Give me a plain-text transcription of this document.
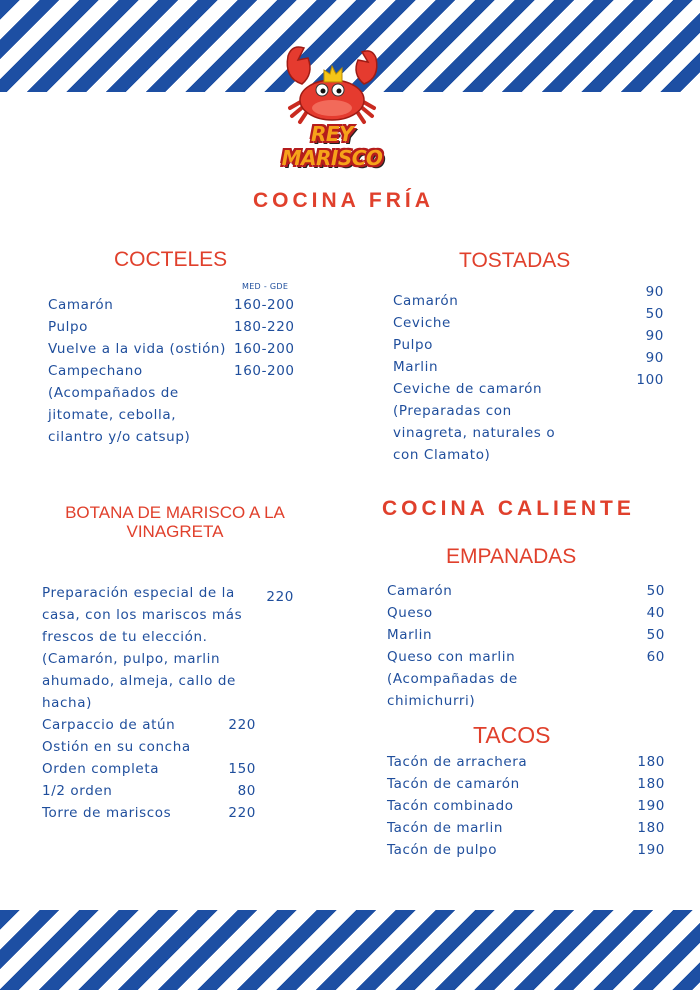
REY MARISCO
COCINA FRÍA
COCTELES
MED - GDE
Camarón
Pulpo
Vuelve a la vida (ostión)
Campechano
(Acompañados de
jitomate, cebolla,
cilantro y/o catsup)
160-200
180-220
160-200
160-200
TOSTADAS
Camarón
Ceviche
Pulpo
Marlin
Ceviche de camarón
(Preparadas con
vinagreta, naturales o
con Clamato)
90
50
90
90
100
BOTANA DE MARISCO A LA
VINAGRETA
Preparación especial de la
casa, con los mariscos más
frescos de tu elección.
(Camarón, pulpo, marlin
ahumado, almeja, callo de
hacha)
Carpaccio de atún
Ostión en su concha
Orden completa
1/2 orden
Torre de mariscos
220
220
150
80
220
COCINA CALIENTE
EMPANADAS
Camarón
Queso
Marlin
Queso con marlin
(Acompañadas de
chimichurri)
50
40
50
60
TACOS
Tacón de arrachera
Tacón de camarón
Tacón combinado
Tacón de marlin
Tacón de pulpo
180
180
190
180
190
